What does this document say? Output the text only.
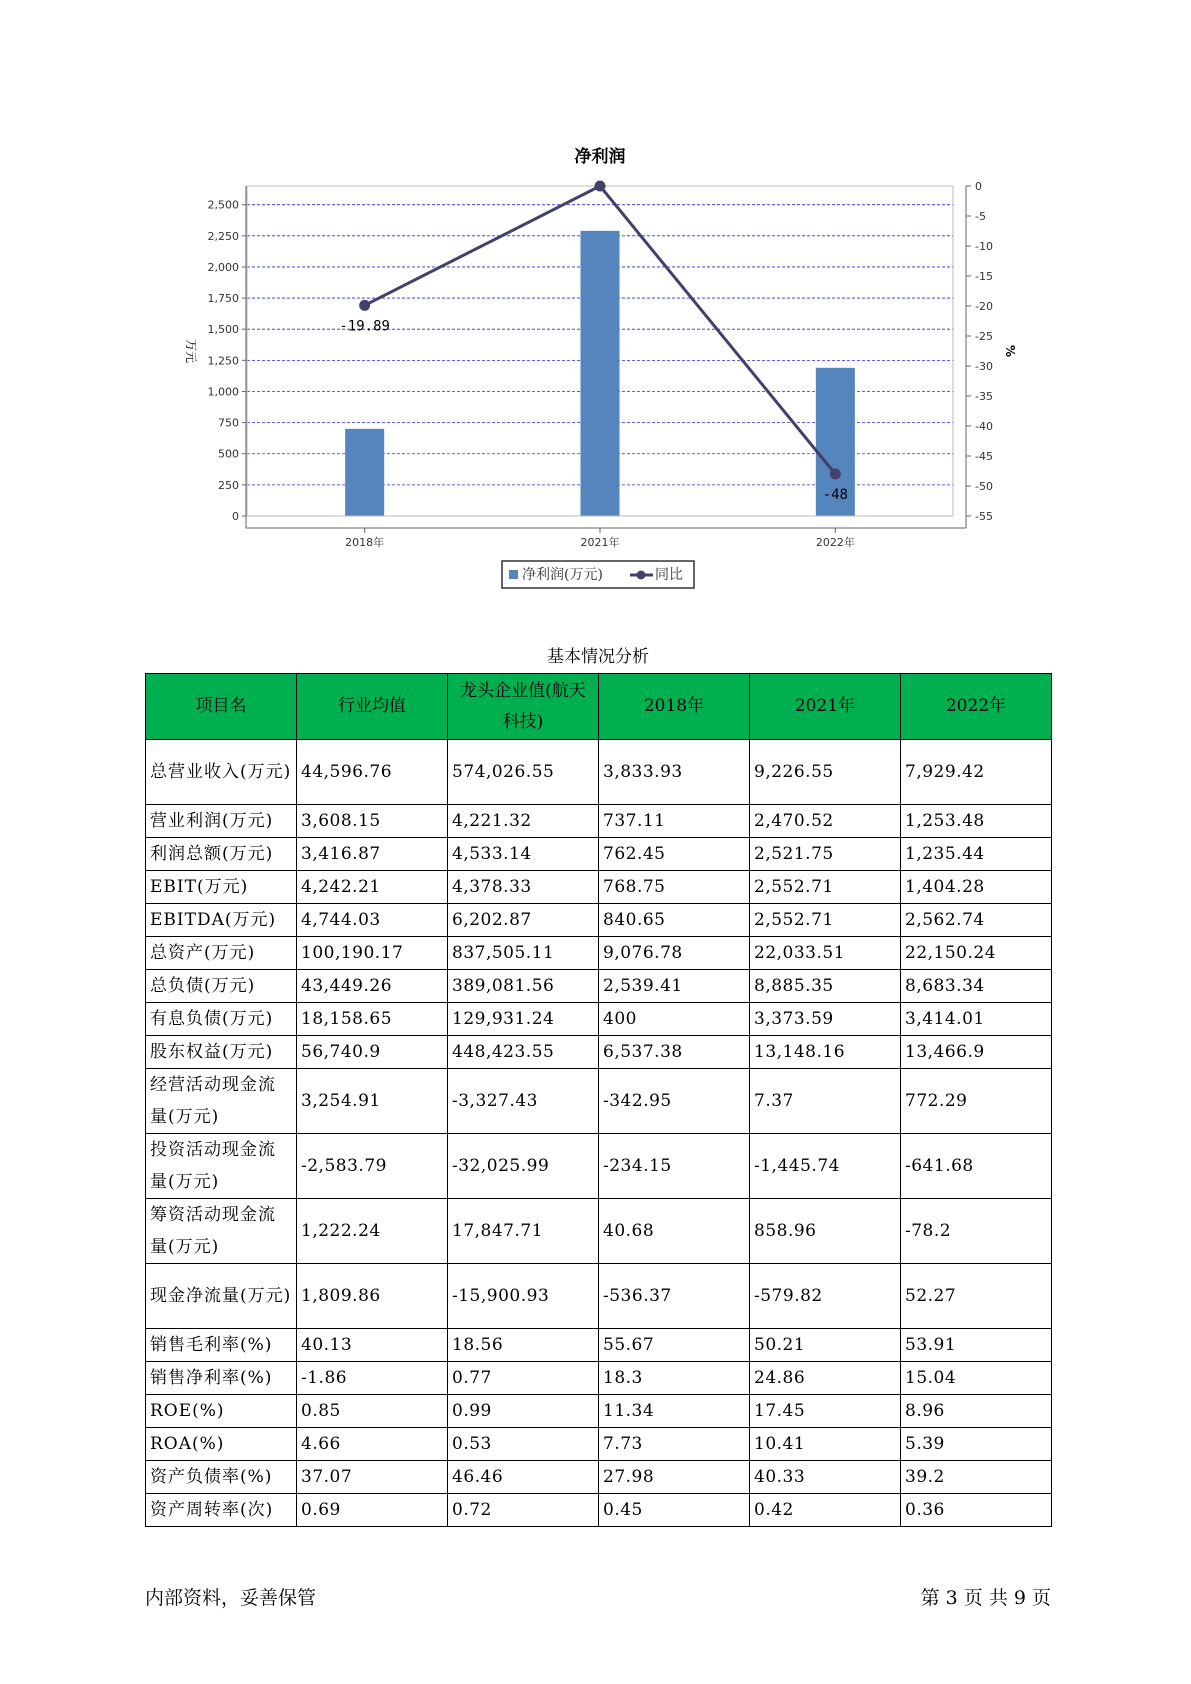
净利润
0
250
500
750
1,000
1,250
1,500
1,750
2,000
2,250
2,500
0
-5
-10
-15
-20
-25
-30
-35
-40
-45
-50
-55
万元	%
2018年	2021年	2022年
-19.89
-48
净利润(万元)	同比
基本情况分析
项目名	行业均值	龙头企业值(航天科技)	2018年	2021年	2022年
总营业收入(万元)	44,596.76	574,026.55	3,833.93	9,226.55	7,929.42
营业利润(万元)	3,608.15	4,221.32	737.11	2,470.52	1,253.48
利润总额(万元)	3,416.87	4,533.14	762.45	2,521.75	1,235.44
EBIT(万元)	4,242.21	4,378.33	768.75	2,552.71	1,404.28
EBITDA(万元)	4,744.03	6,202.87	840.65	2,552.71	2,562.74
总资产(万元)	100,190.17	837,505.11	9,076.78	22,033.51	22,150.24
总负债(万元)	43,449.26	389,081.56	2,539.41	8,885.35	8,683.34
有息负债(万元)	18,158.65	129,931.24	400	3,373.59	3,414.01
股东权益(万元)	56,740.9	448,423.55	6,537.38	13,148.16	13,466.9
经营活动现金流量(万元)	3,254.91	-3,327.43	-342.95	7.37	772.29
投资活动现金流量(万元)	-2,583.79	-32,025.99	-234.15	-1,445.74	-641.68
筹资活动现金流量(万元)	1,222.24	17,847.71	40.68	858.96	-78.2
现金净流量(万元)	1,809.86	-15,900.93	-536.37	-579.82	52.27
销售毛利率(%)	40.13	18.56	55.67	50.21	53.91
销售净利率(%)	-1.86	0.77	18.3	24.86	15.04
ROE(%)	0.85	0.99	11.34	17.45	8.96
ROA(%)	4.66	0.53	7.73	10.41	5.39
资产负债率(%)	37.07	46.46	27.98	40.33	39.2
资产周转率(次)	0.69	0.72	0.45	0.42	0.36
内部资料，妥善保管	第 3 页 共 9 页
